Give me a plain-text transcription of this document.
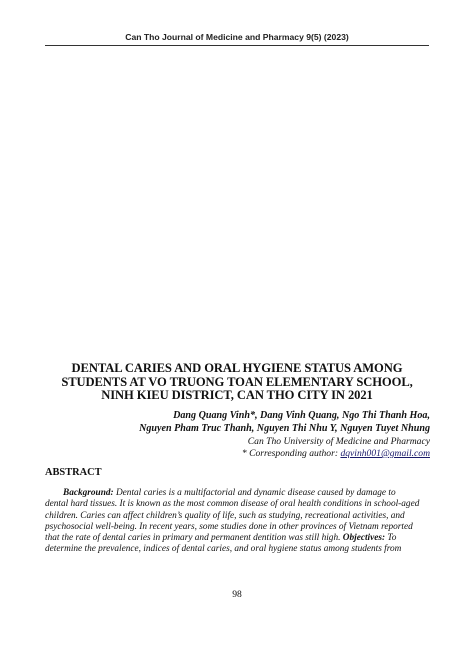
Can Tho Journal of Medicine and Pharmacy 9(5) (2023)
DENTAL CARIES AND ORAL HYGIENE STATUS AMONG
STUDENTS AT VO TRUONG TOAN ELEMENTARY SCHOOL,
NINH KIEU DISTRICT, CAN THO CITY IN 2021
Dang Quang Vinh*, Dang Vinh Quang, Ngo Thi Thanh Hoa,
Nguyen Pham Truc Thanh, Nguyen Thi Nhu Y, Nguyen Tuyet Nhung
Can Tho University of Medicine and Pharmacy
* Corresponding author: dqvinh001@gmail.com
ABSTRACT
Background: Dental caries is a multifactorial and dynamic disease caused by damage to
dental hard tissues. It is known as the most common disease of oral health conditions in school-aged
children. Caries can affect children’s quality of life, such as studying, recreational activities, and
psychosocial well-being. In recent years, some studies done in other provinces of Vietnam reported
that the rate of dental caries in primary and permanent dentition was still high. Objectives: To
determine the prevalence, indices of dental caries, and oral hygiene status among students from
98
